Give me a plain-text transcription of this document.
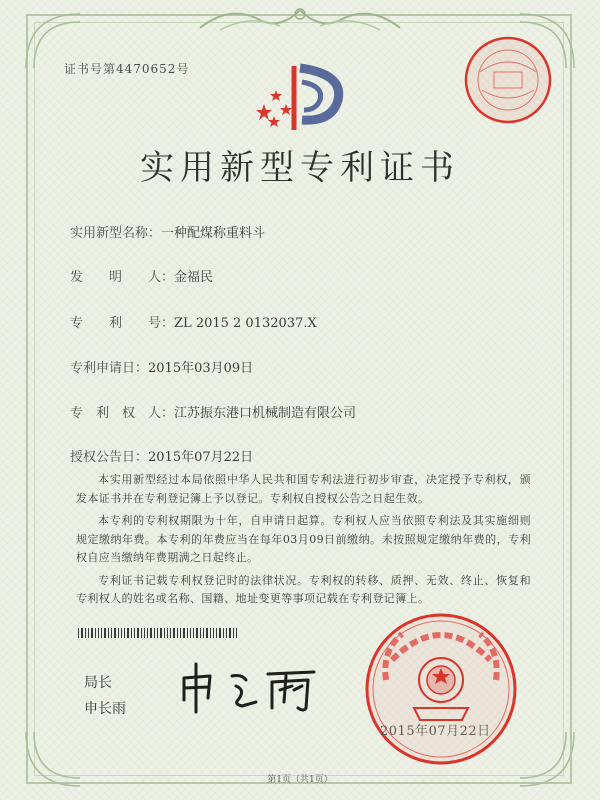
证书号第4470652号
实用新型专利证书
实用新型名称：一种配煤称重料斗
发　　明　　人：金福民
专　　利　　号：ZL 2015 2 0132037.X
专利申请日：2015年03月09日
专　利　权　人：江苏振东港口机械制造有限公司
授权公告日：2015年07月22日

本实用新型经过本局依照中华人民共和国专利法进行初步审查，决定授予专利权，颁发本证书并在专利登记簿上予以登记。专利权自授权公告之日起生效。

本专利的专利权期限为十年，自申请日起算。专利权人应当依照专利法及其实施细则规定缴纳年费。本专利的年费应当在每年03月09日前缴纳。未按照规定缴纳年费的，专利权自应当缴纳年费期满之日起终止。

专利证书记载专利权登记时的法律状况。专利权的转移、质押、无效、终止、恢复和专利权人的姓名或名称、国籍、地址变更等事项记载在专利登记簿上。

局长
申长雨
2015年07月22日
第1页（共1页）
